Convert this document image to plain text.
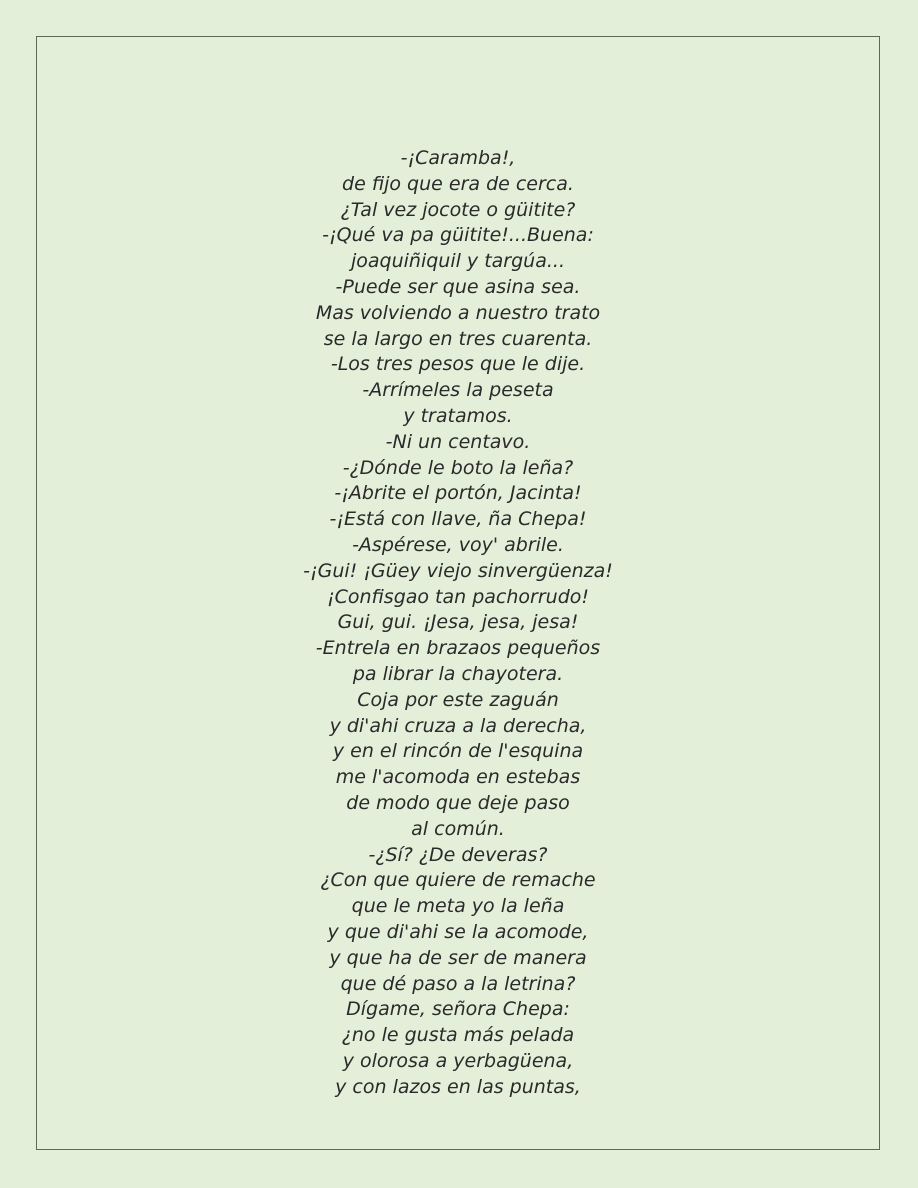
-¡Caramba!,
de fijo que era de cerca.
¿Tal vez jocote o güitite?
-¡Qué va pa güitite!...Buena:
joaquiñiquil y targúa...
-Puede ser que asina sea.
Mas volviendo a nuestro trato
se la largo en tres cuarenta.
-Los tres pesos que le dije.
-Arrímeles la peseta
y tratamos.
-Ni un centavo.
-¿Dónde le boto la leña?
-¡Abrite el portón, Jacinta!
-¡Está con llave, ña Chepa!
-Aspérese, voy' abrile.
-¡Gui! ¡Güey viejo sinvergüenza!
¡Confisgao tan pachorrudo!
Gui, gui. ¡Jesa, jesa, jesa!
-Entrela en brazaos pequeños
pa librar la chayotera.
Coja por este zaguán
y di'ahi cruza a la derecha,
y en el rincón de l'esquina
me l'acomoda en estebas
de modo que deje paso
al común.
-¿Sí? ¿De deveras?
¿Con que quiere de remache
que le meta yo la leña
y que di'ahi se la acomode,
y que ha de ser de manera
que dé paso a la letrina?
Dígame, señora Chepa:
¿no le gusta más pelada
y olorosa a yerbagüena,
y con lazos en las puntas,
